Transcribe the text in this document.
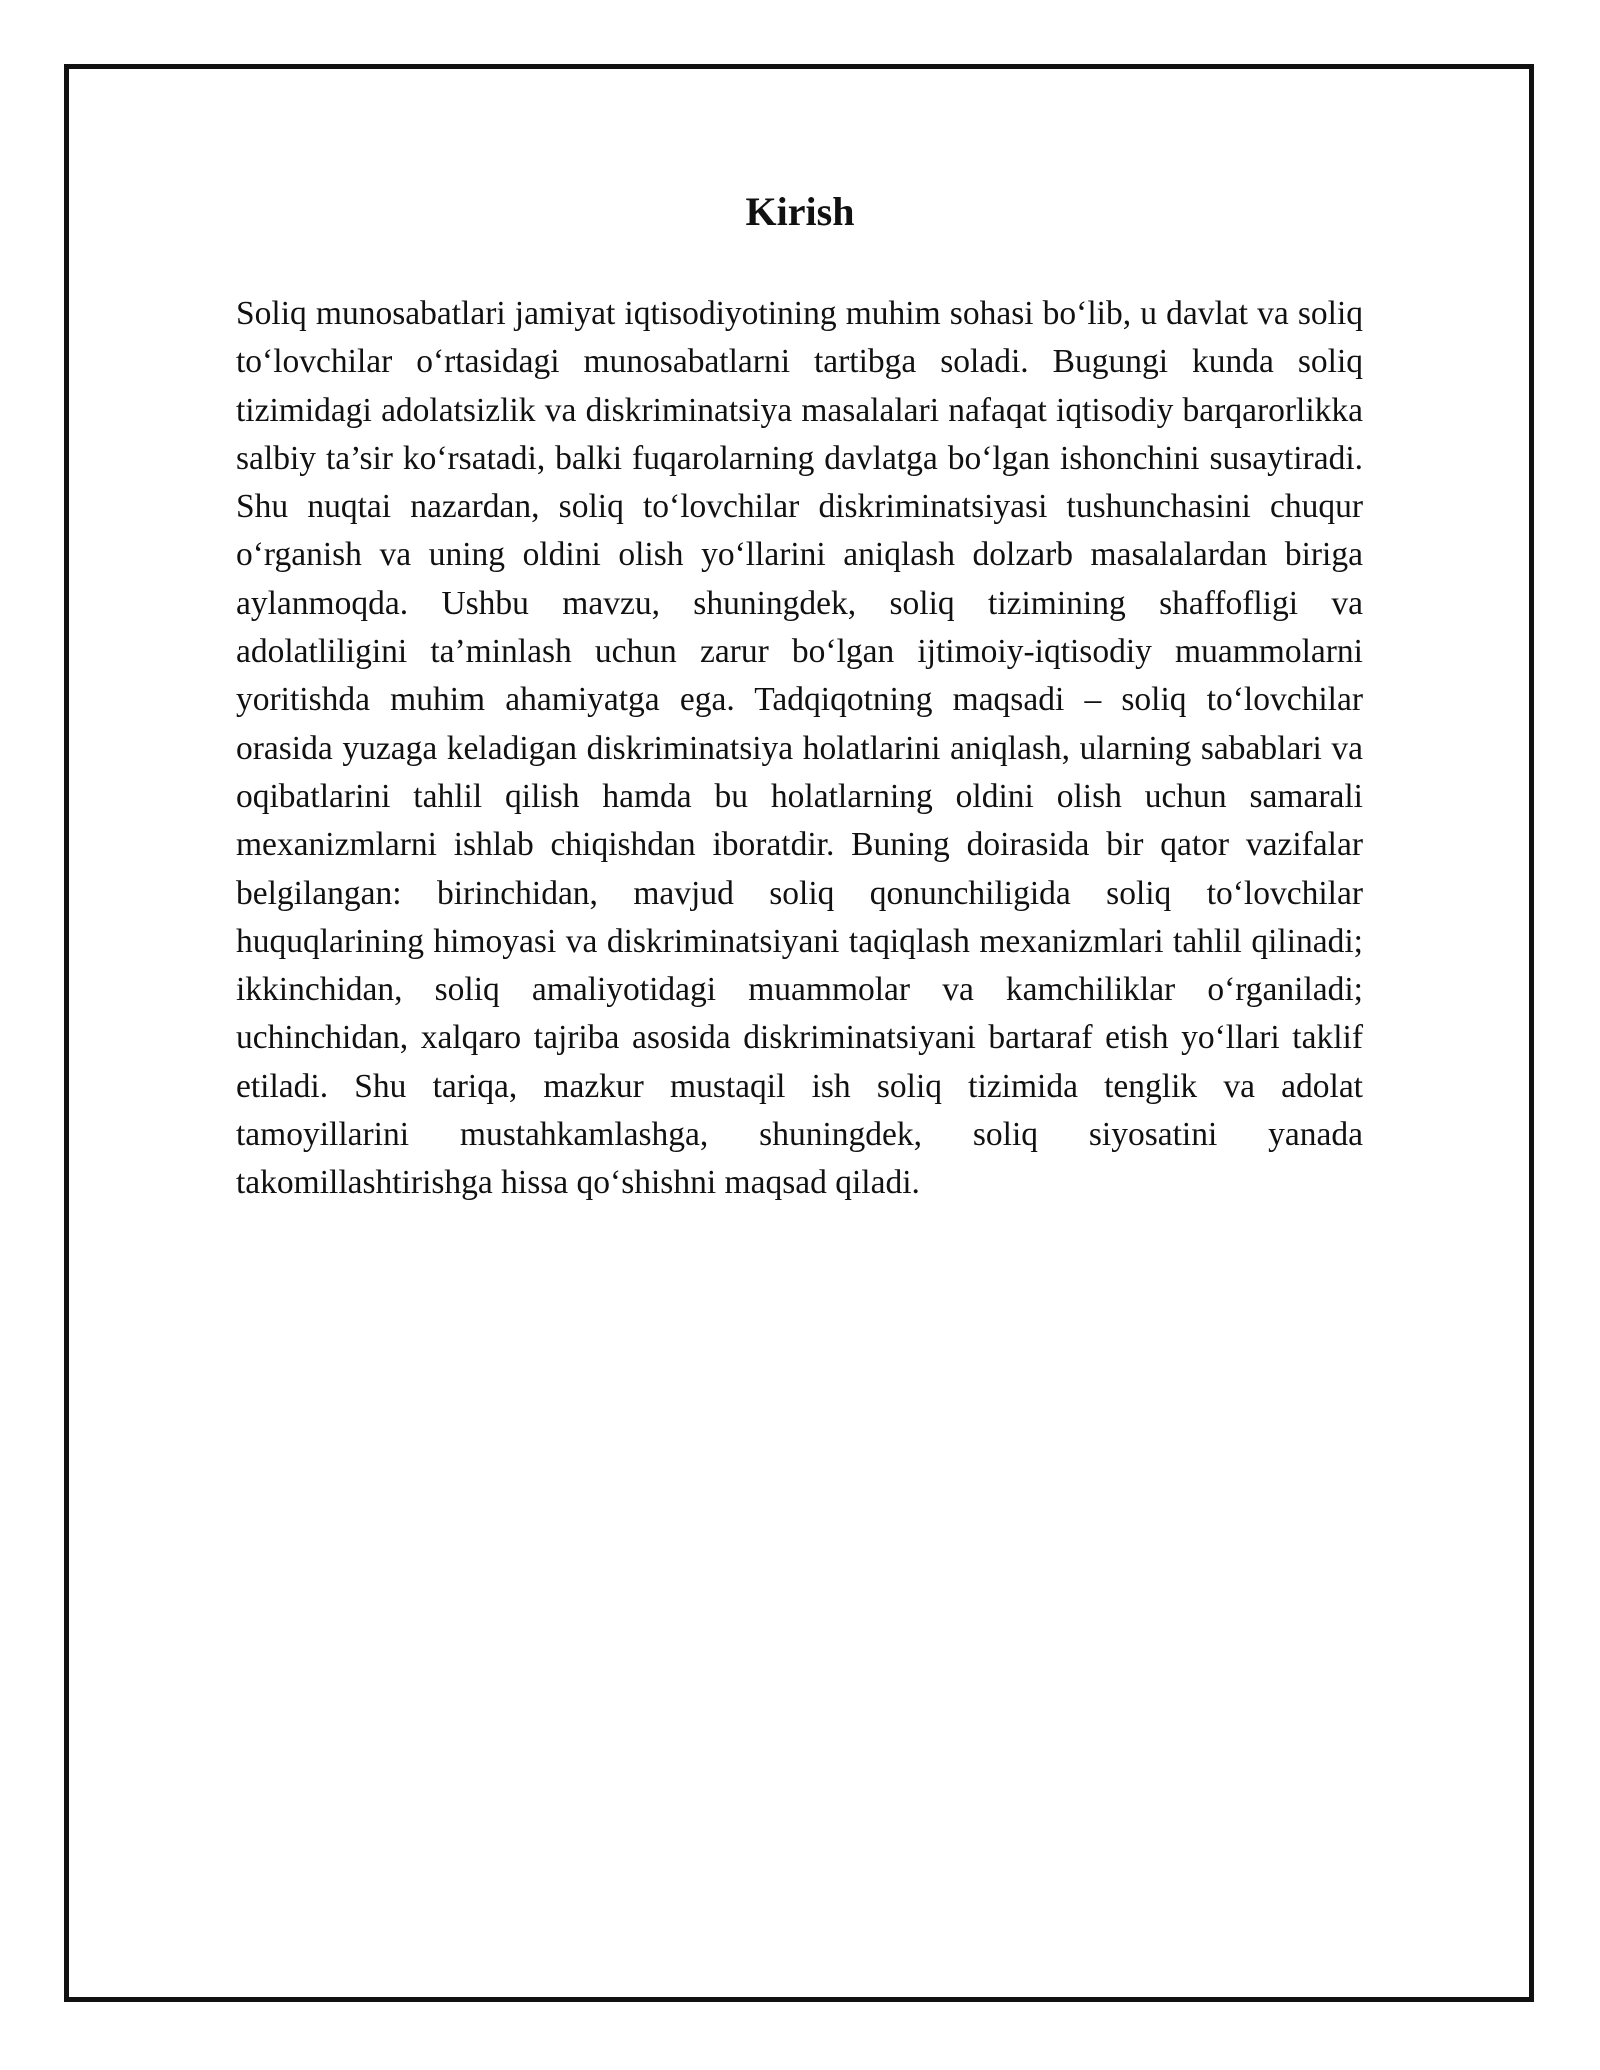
Kirish

Soliq munosabatlari jamiyat iqtisodiyotining muhim sohasi bo‘lib, u davlat va soliq to‘lovchilar o‘rtasidagi munosabatlarni tartibga soladi. Bugungi kunda soliq tizimidagi adolatsizlik va diskriminatsiya masalalari nafaqat iqtisodiy barqarorlikka salbiy ta’sir ko‘rsatadi, balki fuqarolarning davlatga bo‘lgan ishonchini susaytiradi. Shu nuqtai nazardan, soliq to‘lovchilar diskriminatsiyasi tushunchasini chuqur o‘rganish va uning oldini olish yo‘llarini aniqlash dolzarb masalalardan biriga aylanmoqda. Ushbu mavzu, shuningdek, soliq tizimining shaffofligi va adolatliligini ta’minlash uchun zarur bo‘lgan ijtimoiy-iqtisodiy muammolarni yoritishda muhim ahamiyatga ega. Tadqiqotning maqsadi – soliq to‘lovchilar orasida yuzaga keladigan diskriminatsiya holatlarini aniqlash, ularning sabablari va oqibatlarini tahlil qilish hamda bu holatlarning oldini olish uchun samarali mexanizmlarni ishlab chiqishdan iboratdir. Buning doirasida bir qator vazifalar belgilangan: birinchidan, mavjud soliq qonunchiligida soliq to‘lovchilar huquqlarining himoyasi va diskriminatsiyani taqiqlash mexanizmlari tahlil qilinadi; ikkinchidan, soliq amaliyotidagi muammolar va kamchiliklar o‘rganiladi; uchinchidan, xalqaro tajriba asosida diskriminatsiyani bartaraf etish yo‘llari taklif etiladi. Shu tariqa, mazkur mustaqil ish soliq tizimida tenglik va adolat tamoyillarini mustahkamlashga, shuningdek, soliq siyosatini yanada takomillashtirishga hissa qo‘shishni maqsad qiladi.
